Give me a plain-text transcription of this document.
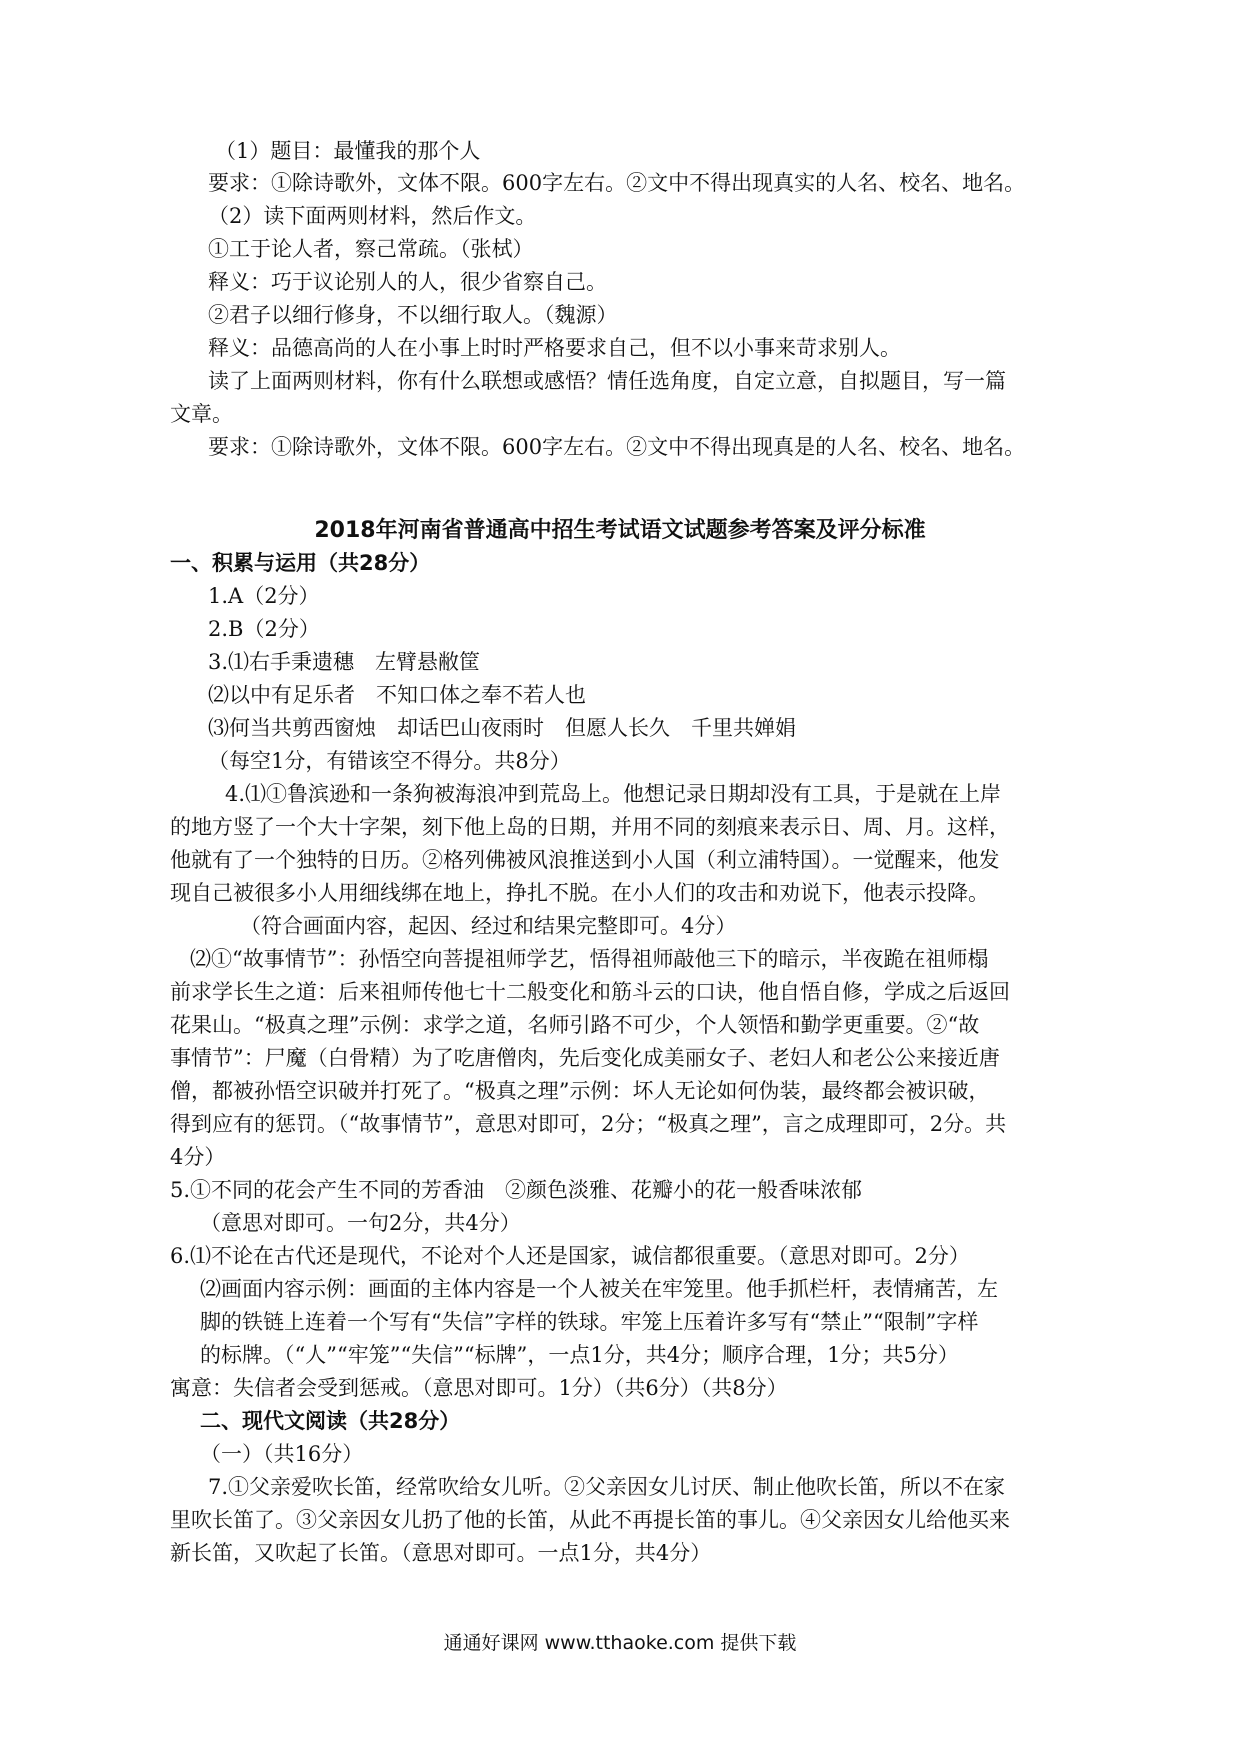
（1）题目：最懂我的那个人
要求：①除诗歌外，文体不限。600字左右。②文中不得出现真实的人名、校名、地名。
（2）读下面两则材料，然后作文。
①工于论人者，察己常疏。（张栻）
释义：巧于议论别人的人，很少省察自己。
②君子以细行修身，不以细行取人。（魏源）
释义：品德高尚的人在小事上时时严格要求自己，但不以小事来苛求别人。
读了上面两则材料，你有什么联想或感悟？情任选角度，自定立意，自拟题目，写一篇
文章。
要求：①除诗歌外，文体不限。600字左右。②文中不得出现真是的人名、校名、地名。
2018年河南省普通高中招生考试语文试题参考答案及评分标准
一、积累与运用（共28分）
1.A（2分）
2.B（2分）
3.⑴右手秉遗穗　左臂悬敝筐
⑵以中有足乐者　不知口体之奉不若人也
⑶何当共剪西窗烛　却话巴山夜雨时　但愿人长久　千里共婵娟
（每空1分，有错该空不得分。共8分）
4.⑴①鲁滨逊和一条狗被海浪冲到荒岛上。他想记录日期却没有工具，于是就在上岸
的地方竖了一个大十字架，刻下他上岛的日期，并用不同的刻痕来表示日、周、月。这样，
他就有了一个独特的日历。②格列佛被风浪推送到小人国（利立浦特国）。一觉醒来，他发
现自己被很多小人用细线绑在地上，挣扎不脱。在小人们的攻击和劝说下，他表示投降。
（符合画面内容，起因、经过和结果完整即可。4分）
⑵①“故事情节”：孙悟空向菩提祖师学艺，悟得祖师敲他三下的暗示，半夜跪在祖师榻
前求学长生之道：后来祖师传他七十二般变化和筋斗云的口诀，他自悟自修，学成之后返回
花果山。“极真之理”示例：求学之道，名师引路不可少，个人领悟和勤学更重要。②“故
事情节”：尸魔（白骨精）为了吃唐僧肉，先后变化成美丽女子、老妇人和老公公来接近唐
僧，都被孙悟空识破并打死了。“极真之理”示例：坏人无论如何伪装，最终都会被识破，
得到应有的惩罚。（“故事情节”，意思对即可，2分；“极真之理”，言之成理即可，2分。共
4分）
5.①不同的花会产生不同的芳香油　②颜色淡雅、花瓣小的花一般香味浓郁
（意思对即可。一句2分，共4分）
6.⑴不论在古代还是现代，不论对个人还是国家，诚信都很重要。（意思对即可。2分）
⑵画面内容示例：画面的主体内容是一个人被关在牢笼里。他手抓栏杆，表情痛苦，左
脚的铁链上连着一个写有“失信”字样的铁球。牢笼上压着许多写有“禁止”“限制”字样
的标牌。（“人”“牢笼”“失信”“标牌”，一点1分，共4分；顺序合理，1分；共5分）
寓意：失信者会受到惩戒。（意思对即可。1分）（共6分）（共8分）
二、现代文阅读（共28分）
（一）（共16分）
7.①父亲爱吹长笛，经常吹给女儿听。②父亲因女儿讨厌、制止他吹长笛，所以不在家
里吹长笛了。③父亲因女儿扔了他的长笛，从此不再提长笛的事儿。④父亲因女儿给他买来
新长笛，又吹起了长笛。（意思对即可。一点1分，共4分）
通通好课网 www.tthaoke.com 提供下载
